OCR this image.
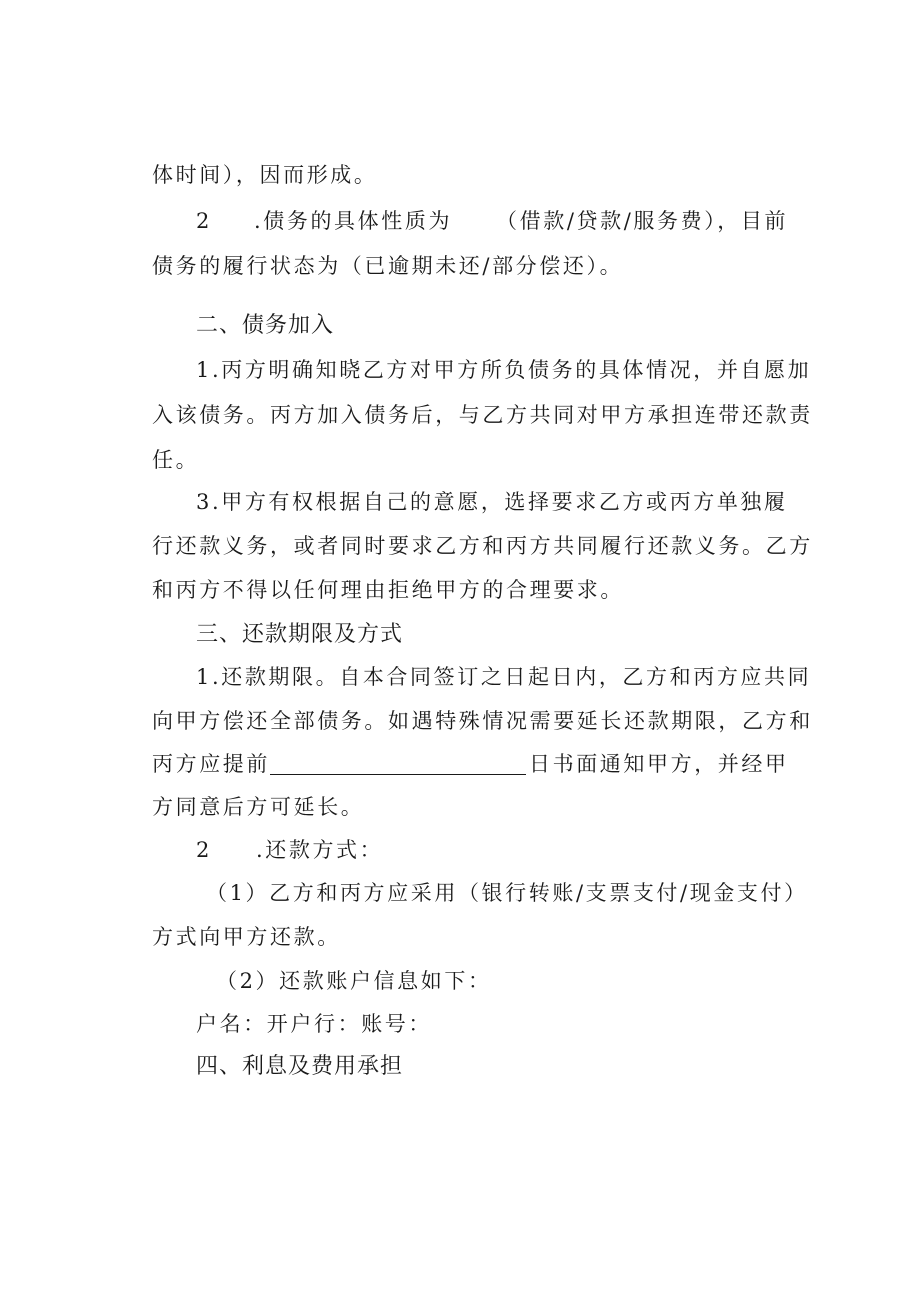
体时间），因而形成。
2 .债务的具体性质为 （借款/贷款/服务费），目前
债务的履行状态为（已逾期未还/部分偿还）。
二、债务加入
1.丙方明确知晓乙方对甲方所负债务的具体情况，并自愿加
入该债务。丙方加入债务后，与乙方共同对甲方承担连带还款责
任。
3.甲方有权根据自己的意愿，选择要求乙方或丙方单独履
行还款义务，或者同时要求乙方和丙方共同履行还款义务。乙方
和丙方不得以任何理由拒绝甲方的合理要求。
三、还款期限及方式
1.还款期限。自本合同签订之日起日内，乙方和丙方应共同
向甲方偿还全部债务。如遇特殊情况需要延长还款期限，乙方和
丙方应提前	日书面通知甲方，并经甲
方同意后方可延长。
2 .还款方式：
（1）乙方和丙方应采用（银行转账/支票支付/现金支付）
方式向甲方还款。
（2）还款账户信息如下：
户名：开户行：账号：
四、利息及费用承担
